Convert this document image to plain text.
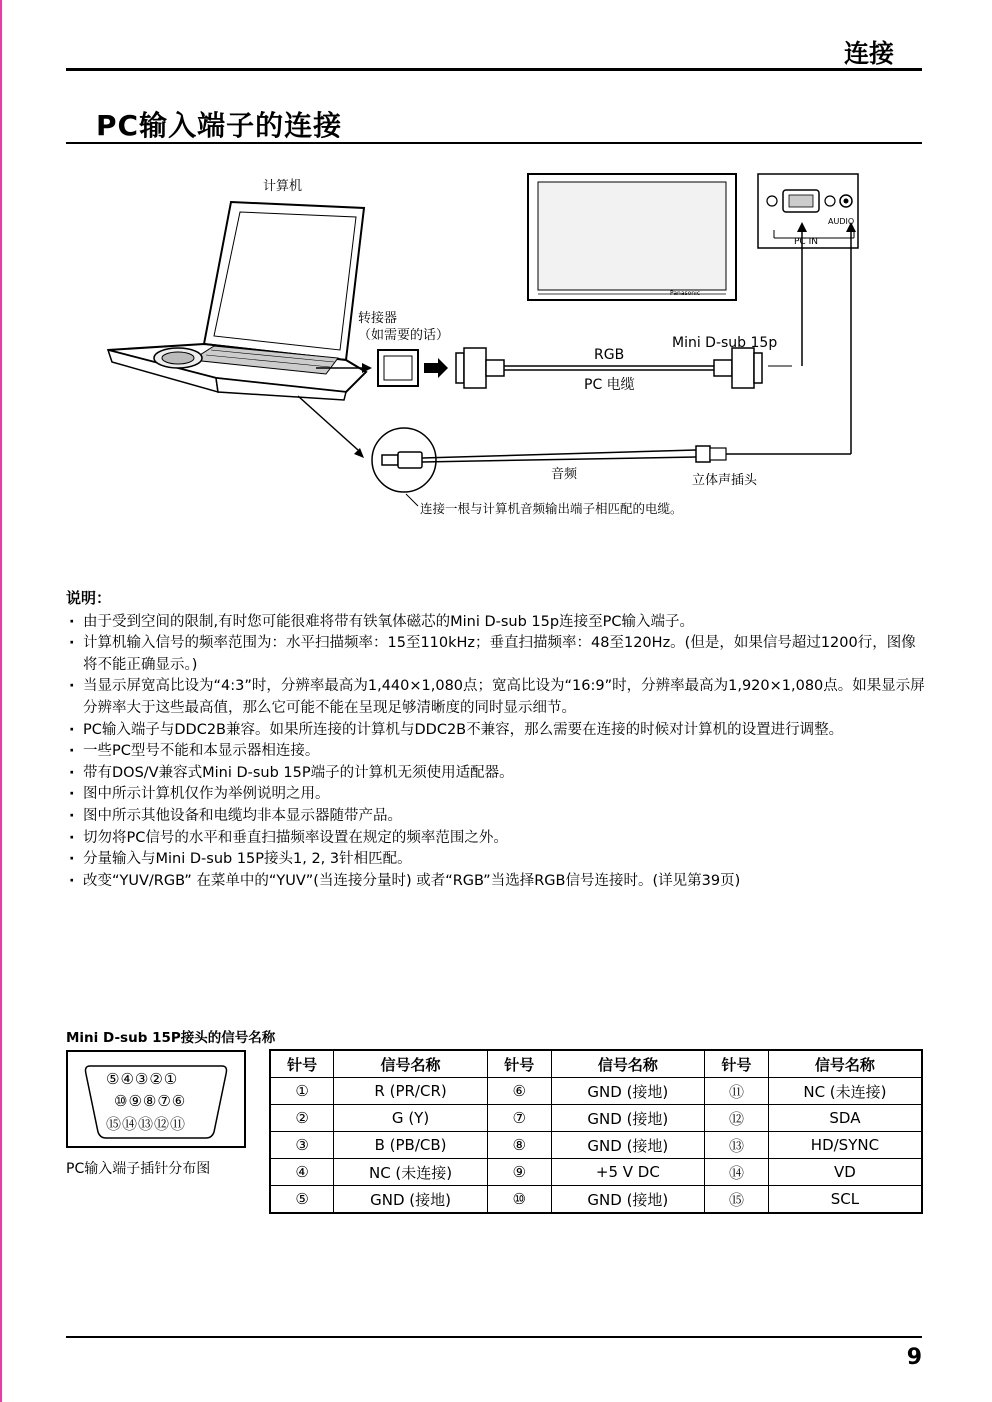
连接
PC输入端子的连接
计算机
转接器
（如需要的话）	Mini D-sub 15p
RGB
PC 电缆
音频	立体声插头
连接一根与计算机音频输出端子相匹配的电缆。
AUDIO
PC IN
Panasonic
说明：
· 由于受到空间的限制,有时您可能很难将带有铁氧体磁芯的Mini D-sub 15p连接至PC输入端子。
· 计算机输入信号的频率范围为：水平扫描频率：15至110kHz；垂直扫描频率：48至120Hz。(但是，如果信号超过1200行，图像将不能正确显示。)
· 当显示屏宽高比设为“4:3”时，分辨率最高为1,440×1,080点；宽高比设为“16:9”时，分辨率最高为1,920×1,080点。如果显示屏分辨率大于这些最高值，那么它可能不能在呈现足够清晰度的同时显示细节。
· PC输入端子与DDC2B兼容。如果所连接的计算机与DDC2B不兼容，那么需要在连接的时候对计算机的设置进行调整。
· 一些PC型号不能和本显示器相连接。
· 带有DOS/V兼容式Mini D-sub 15P端子的计算机无须使用适配器。
· 图中所示计算机仅作为举例说明之用。
· 图中所示其他设备和电缆均非本显示器随带产品。
· 切勿将PC信号的水平和垂直扫描频率设置在规定的频率范围之外。
· 分量输入与Mini D-sub 15P接头1, 2, 3针相匹配。
· 改变“YUV/RGB” 在菜单中的“YUV”(当连接分量时) 或者“RGB”当选择RGB信号连接时。(详见第39页)
Mini D-sub 15P接头的信号名称
⑤④③②①
⑩⑨⑧⑦⑥
⑮⑭⑬⑫⑪
PC输入端子插针分布图
针号	信号名称	针号	信号名称	针号	信号名称
①	R (PR/CR)	⑥	GND (接地)	⑪	NC (未连接)
②	G (Y)	⑦	GND (接地)	⑫	SDA
③	B (PB/CB)	⑧	GND (接地)	⑬	HD/SYNC
④	NC (未连接)	⑨	+5 V DC	⑭	VD
⑤	GND (接地)	⑩	GND (接地)	⑮	SCL
9
